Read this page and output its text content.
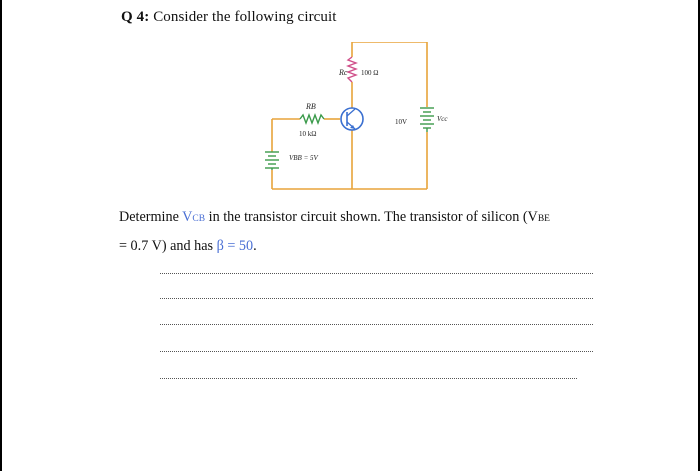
Q 4: Consider the following circuit
Rc 100 Ω
RB
10 kΩ
VBB = 5V
10V	Vcc
Determine VCB in the transistor circuit shown. The transistor of silicon (VBE
= 0.7 V) and has β = 50.
